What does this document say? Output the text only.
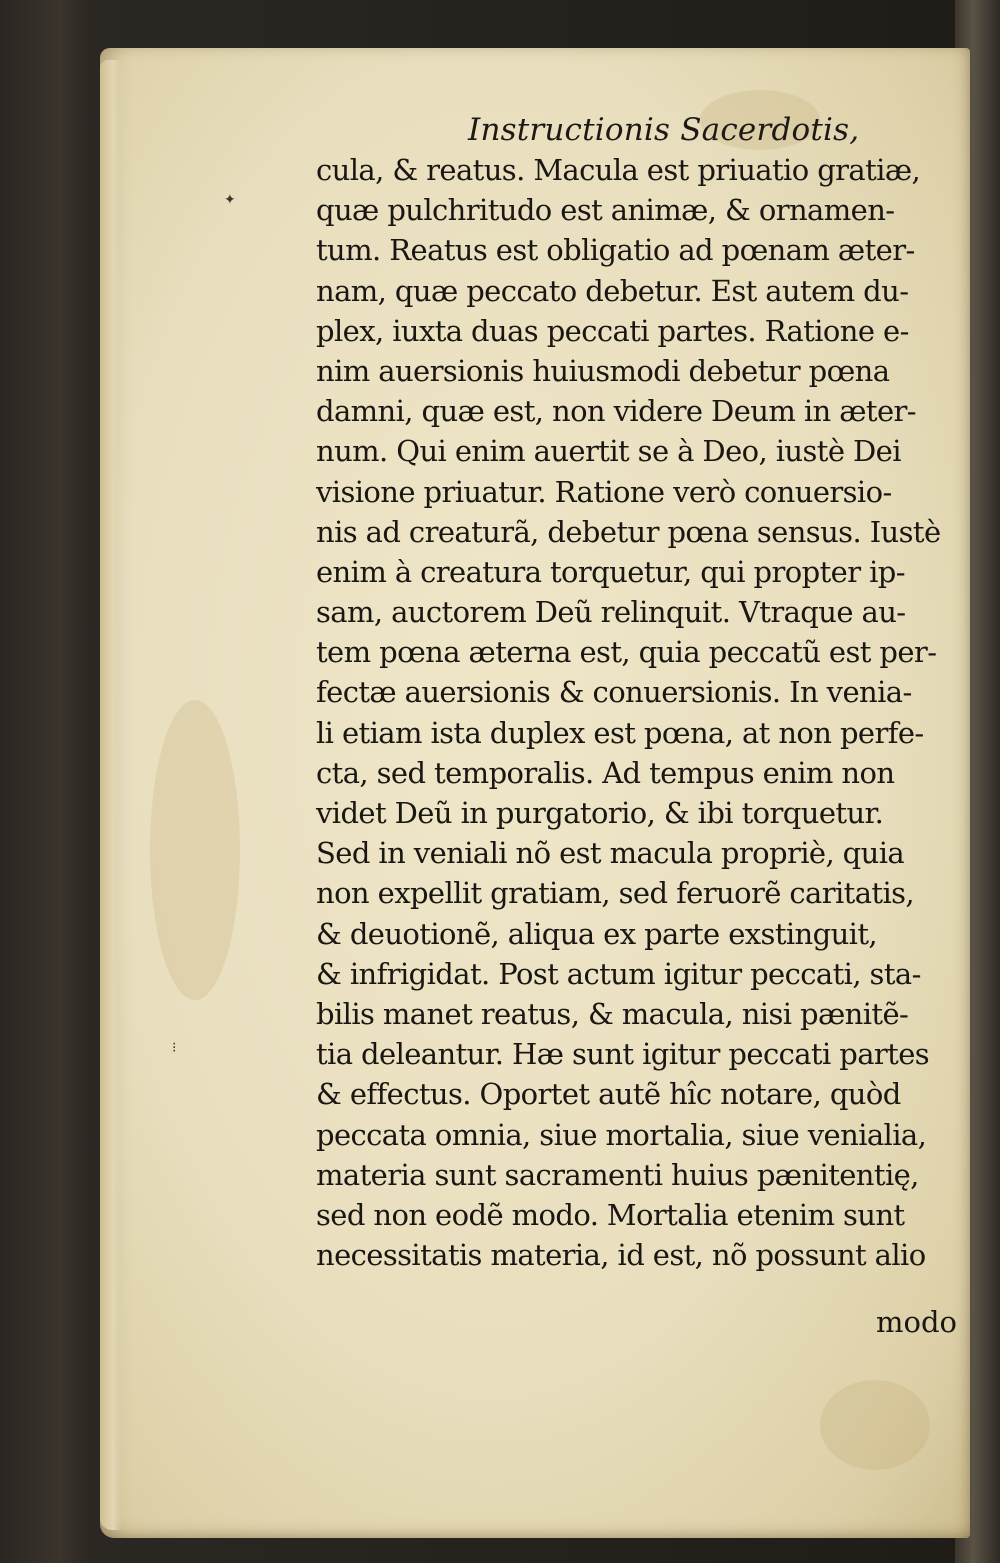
✦
⁝
Instructionis Sacerdotis,
cula, & reatus. Macula est priuatio gratiæ,
quæ pulchritudo est animæ, & ornamen-
tum. Reatus est obligatio ad pœnam æter-
nam, quæ peccato debetur. Est autem du-
plex, iuxta duas peccati partes. Ratione e-
nim auersionis huiusmodi debetur pœna
damni, quæ est, non videre Deum in æter-
num. Qui enim auertit se à Deo, iustè Dei
visione priuatur. Ratione verò conuersio-
nis ad creaturã, debetur pœna sensus. Iustè
enim à creatura torquetur, qui propter ip-
sam, auctorem Deũ relinquit. Vtraque au-
tem pœna æterna est, quia peccatũ est per-
fectæ auersionis & conuersionis. In venia-
li etiam ista duplex est pœna, at non perfe-
cta, sed temporalis. Ad tempus enim non
videt Deũ in purgatorio, & ibi torquetur.
Sed in veniali nõ est macula propriè, quia
non expellit gratiam, sed feruorẽ caritatis,
& deuotionẽ, aliqua ex parte exstinguit,
& infrigidat. Post actum igitur peccati, sta-
bilis manet reatus, & macula, nisi pænitẽ-
tia deleantur. Hæ sunt igitur peccati partes
& effectus. Oportet autẽ hîc notare, quòd
peccata omnia, siue mortalia, siue venialia,
materia sunt sacramenti huius pænitentię,
sed non eodẽ modo. Mortalia etenim sunt
necessitatis materia, id est, nõ possunt alio
modo
